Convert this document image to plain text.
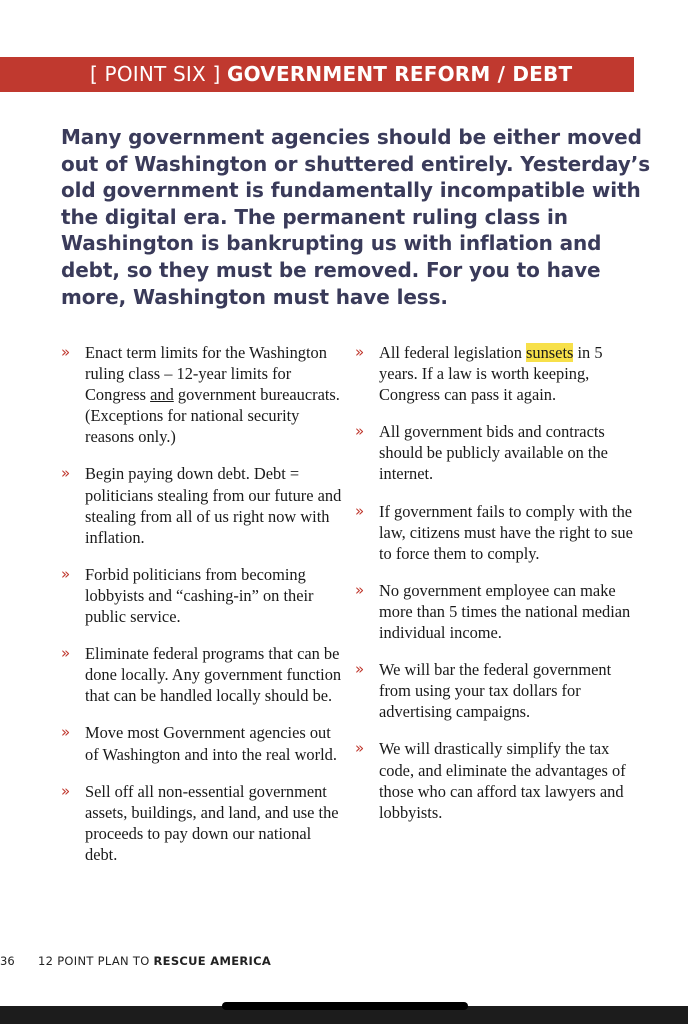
[ POINT SIX ] GOVERNMENT REFORM / DEBT

Many government agencies should be either moved out of Washington or shuttered entirely. Yesterday’s old government is fundamentally incompatible with the digital era. The permanent ruling class in Washington is bankrupting us with inflation and debt, so they must be removed. For you to have more, Washington must have less.

» Enact term limits for the Washington ruling class – 12-year limits for Congress and government bureaucrats. (Exceptions for national security reasons only.)
» Begin paying down debt. Debt = politicians stealing from our future and stealing from all of us right now with inflation.
» Forbid politicians from becoming lobbyists and “cashing-in” on their public service.
» Eliminate federal programs that can be done locally. Any government function that can be handled locally should be.
» Move most Government agencies out of Washington and into the real world.
» Sell off all non-essential government assets, buildings, and land, and use the proceeds to pay down our national debt.
» All federal legislation sunsets in 5 years. If a law is worth keeping, Congress can pass it again.
» All government bids and contracts should be publicly available on the internet.
» If government fails to comply with the law, citizens must have the right to sue to force them to comply.
» No government employee can make more than 5 times the national median individual income.
» We will bar the federal government from using your tax dollars for advertising campaigns.
» We will drastically simplify the tax code, and eliminate the advantages of those who can afford tax lawyers and lobbyists.
36 12 POINT PLAN TO RESCUE AMERICA
